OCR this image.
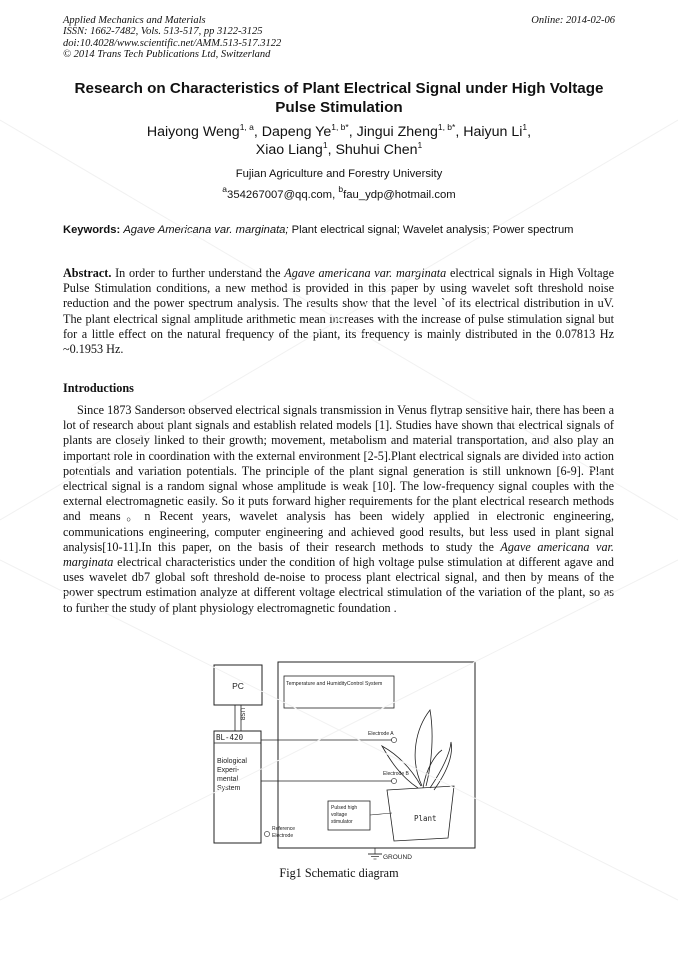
Applied Mechanics and Materials
ISSN: 1662-7482, Vols. 513-517, pp 3122-3125
doi:10.4028/www.scientific.net/AMM.513-517.3122
© 2014 Trans Tech Publications Ltd, Switzerland
Online: 2014-02-06
Research on Characteristics of Plant Electrical Signal under High Voltage Pulse Stimulation
Haiyong Weng$^{1, a}$, Dapeng $Ye^{1, b*}$, Jingui Zheng$^{1, b*}$, Haiyun Li$^1$,
Xiao Liang$^1$, Shuhui Chen$^1$
Fujian Agriculture and Forestry University
$^a$354267007@qq.com, $^b$fau_ydp@hotmail.com
Keywords: Agave Americana var. marginata; Plant electrical signal; Wavelet analysis; Power spectrum
Abstract. In order to further understand the Agave americana var. marginata electrical signals in High Voltage Pulse Stimulation conditions, a new method is provided in this paper by using wavelet soft threshold noise reduction and the power spectrum analysis. The results show that the level `of its electrical distribution in uV. The plant electrical signal amplitude arithmetic mean increases with the increase of pulse stimulation signal but for a little effect on the natural frequency of the plant, its frequency is mainly distributed in the 0.07813 Hz ~0.1953 Hz.
Introductions

Since 1873 Sanderson observed electrical signals transmission in Venus flytrap sensitive hair, there has been a lot of research about plant signals and establish related models [1]. Studies have shown that electrical signals of plants are closely linked to their growth; movement, metabolism and material transportation, and also play an important role in coordination with the external environment [2-5].Plant electrical signals are divided into action potentials and variation potentials. The principle of the plant signal generation is still unknown [6-9]. Plant electrical signal is a random signal whose amplitude is weak [10]. The low-frequency signal couples with the external electromagnetic easily. So it puts forward higher requirements for the plant electrical research methods and means。n Recent years, wavelet analysis has been widely applied in electronic engineering, communications engineering, computer engineering and achieved good results, but less used in plant signal analysis[10-11].In this paper, on the basis of their research methods to study the Agave americana var. marginata electrical characteristics under the condition of high voltage pulse stimulation at different agave and uses wavelet db7 global soft threshold de-noise to process plant electrical signal, and then by means of the power spectrum estimation analyze at different voltage electrical stimulation of the variation of the plant, so as to further the study of plant physiology electromagnetic foundation .

Temperature and HumidityControl System
PC
USB
BL-420
Biological
Experi-
mental
System
Electrode A
Electrode B
Plant
Pulsed high
voltage
stimulator
Reference
Electrode
GROUND
Fig1 Schematic diagram
